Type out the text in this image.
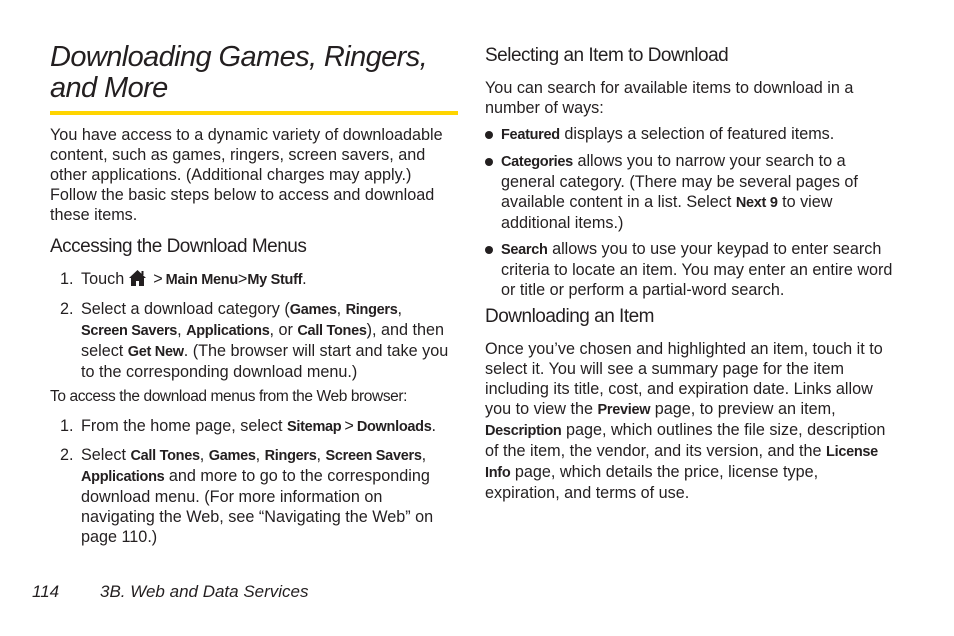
Downloading Games, Ringers, and More

You have access to a dynamic variety of downloadable content, such as games, ringers, screen savers, and other applications. (Additional charges may apply.) Follow the basic steps below to access and download these items.

Accessing the Download Menus
1. Touch > Main Menu>My Stuff.
2. Select a download category (Games, Ringers, Screen Savers, Applications, or Call Tones), and then select Get New. (The browser will start and take you to the corresponding download menu.)

To access the download menus from the Web browser:

1. From the home page, select Sitemap > Downloads.
2. Select Call Tones, Games, Ringers, Screen Savers, Applications and more to go to the corresponding download menu. (For more information on navigating the Web, see “Navigating the Web” on page 110.)
Selecting an Item to Download

You can search for available items to download in a number of ways:

Featured displays a selection of featured items.
Categories allows you to narrow your search to a general category. (There may be several pages of available content in a list. Select Next 9 to view additional items.)
Search allows you to use your keypad to enter search criteria to locate an item. You may enter an entire word or title or perform a partial-word search.
Downloading an Item

Once you’ve chosen and highlighted an item, touch it to select it. You will see a summary page for the item including its title, cost, and expiration date. Links allow you to view the Preview page, to preview an item, Description page, which outlines the file size, description of the item, the vendor, and its version, and the License Info page, which details the price, license type, expiration, and terms of use.

114 3B. Web and Data Services
